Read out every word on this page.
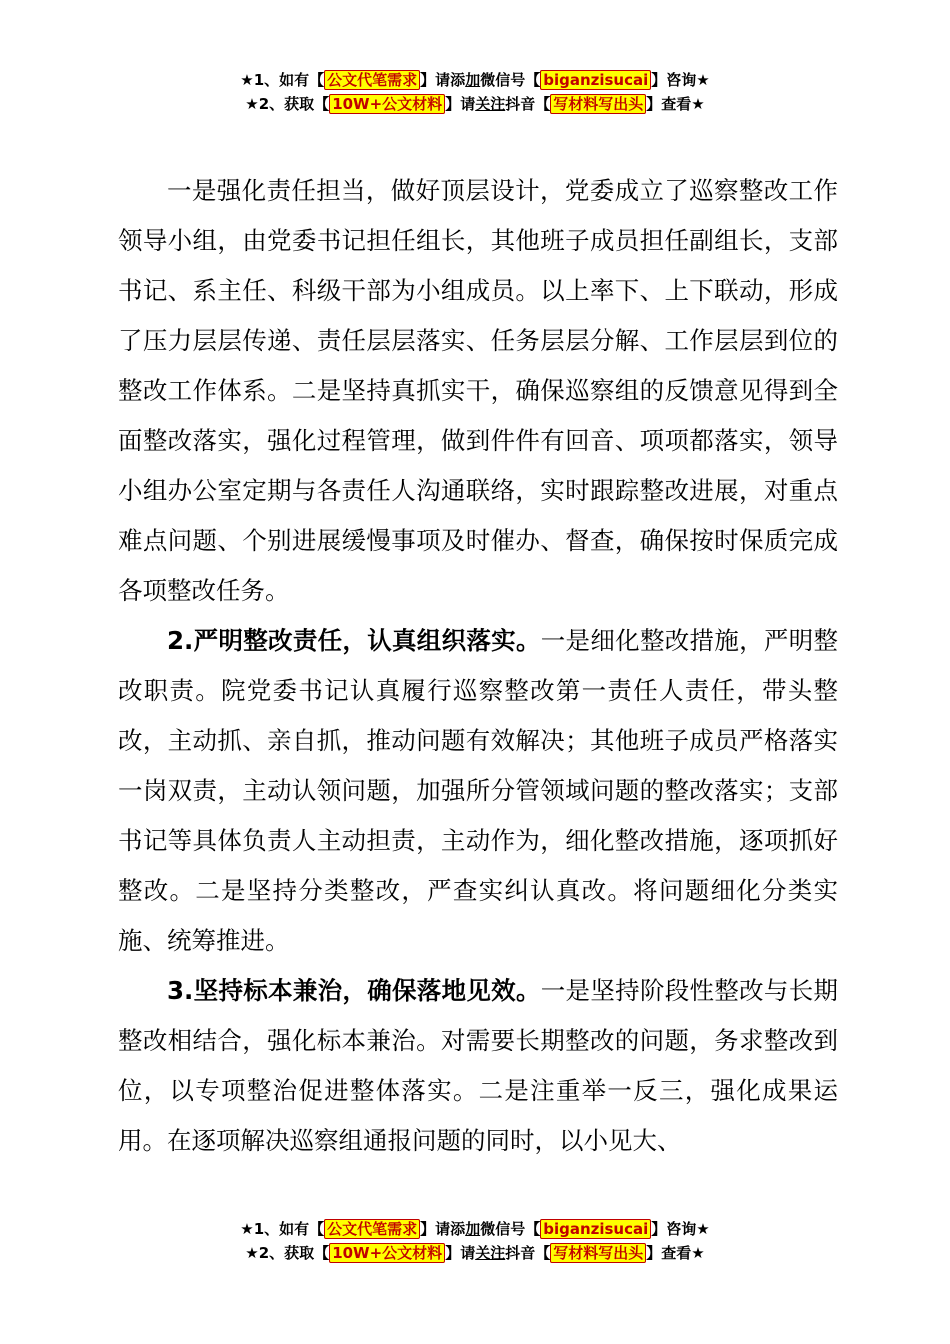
★1、如有【 公文代笔需求 】请添加微信号【 biganzisucai 】咨询★
★2、获取【 10W+公文材料 】请关注抖音【 写材料写出头 】查看★

一是强化责任担当，做好顶层设计，党委成立了巡察整改工作领导小组，由党委书记担任组长，其他班子成员担任副组长，支部书记、系主任、科级干部为小组成员。以上率下、上下联动，形成了压力层层传递、责任层层落实、任务层层分解、工作层层到位的整改工作体系。二是坚持真抓实干，确保巡察组的反馈意见得到全面整改落实，强化过程管理，做到件件有回音、项项都落实，领导小组办公室定期与各责任人沟通联络，实时跟踪整改进展，对重点难点问题、个别进展缓慢事项及时催办、督查，确保按时保质完成各项整改任务。

2.严明整改责任，认真组织落实。一是细化整改措施，严明整改职责。院党委书记认真履行巡察整改第一责任人责任，带头整改，主动抓、亲自抓，推动问题有效解决；其他班子成员严格落实一岗双责，主动认领问题，加强所分管领域问题的整改落实；支部书记等具体负责人主动担责，主动作为，细化整改措施，逐项抓好整改。二是坚持分类整改，严查实纠认真改。将问题细化分类实施、统筹推进。

3.坚持标本兼治，确保落地见效。一是坚持阶段性整改与长期整改相结合，强化标本兼治。对需要长期整改的问题，务求整改到位，以专项整治促进整体落实。二是注重举一反三，强化成果运用。在逐项解决巡察组通报问题的同时，以小见大、

★1、如有【 公文代笔需求 】请添加微信号【 biganzisucai 】咨询★
★2、获取【 10W+公文材料 】请关注抖音【 写材料写出头 】查看★
